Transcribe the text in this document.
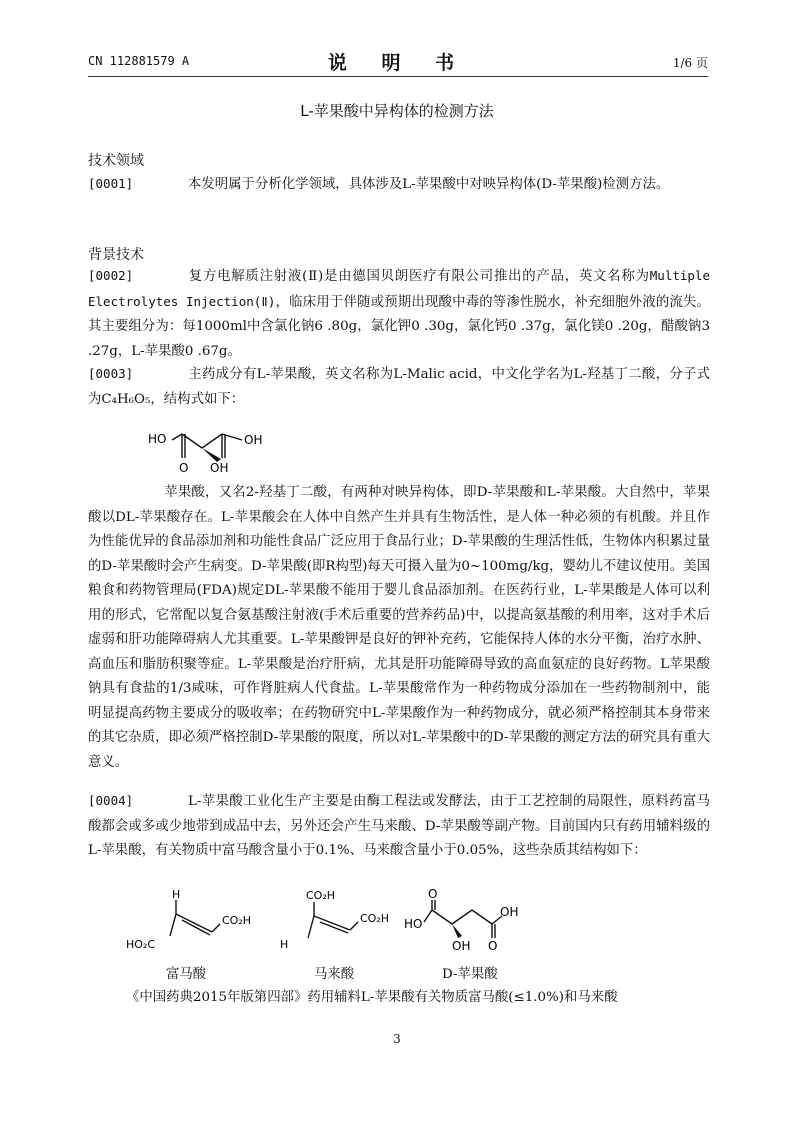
CN 112881579 A	说 明 书	1/6 页
L-苹果酸中异构体的检测方法
技术领域
[0001]	本发明属于分析化学领域，具体涉及L-苹果酸中对映异构体(D-苹果酸)检测方法。
背景技术
[0002]	复方电解质注射液(Ⅱ)是由德国贝朗医疗有限公司推出的产品，英文名称为Multiple Electrolytes Injection(Ⅱ)，临床用于伴随或预期出现酸中毒的等渗性脱水，补充细胞外液的流失。其主要组分为：每1000ml中含氯化钠6 .80g，氯化钾0 .30g，氯化钙0 .37g，氯化镁0 .20g，醋酸钠3 .27g，L-苹果酸0 .67g。
[0003]	主药成分有L-苹果酸，英文名称为L-Malic acid，中文化学名为L-羟基丁二酸，分子式为C₄H₆O₅，结构式如下：
HO
O
OH
OH
苹果酸，又名2-羟基丁二酸，有两种对映异构体，即D-苹果酸和L-苹果酸。大自然中，苹果酸以DL-苹果酸存在。L-苹果酸会在人体中自然产生并具有生物活性，是人体一种必须的有机酸。并且作为性能优异的食品添加剂和功能性食品广泛应用于食品行业；D-苹果酸的生理活性低，生物体内积累过量的D-苹果酸时会产生病变。D-苹果酸(即R构型)每天可摄入量为0~100mg/kg，婴幼儿不建议使用。美国粮食和药物管理局(FDA)规定DL-苹果酸不能用于婴儿食品添加剂。在医药行业，L-苹果酸是人体可以利用的形式，它常配以复合氨基酸注射液(手术后重要的营养药品)中，以提高氨基酸的利用率，这对手术后虚弱和肝功能障碍病人尤其重要。L-苹果酸钾是良好的钾补充药，它能保持人体的水分平衡，治疗水肿、高血压和脂肪积聚等症。L-苹果酸是治疗肝病，尤其是肝功能障碍导致的高血氨症的良好药物。L苹果酸钠具有食盐的1/3咸味，可作肾脏病人代食盐。L-苹果酸常作为一种药物成分添加在一些药物制剂中，能明显提高药物主要成分的吸收率；在药物研究中L-苹果酸作为一种药物成分，就必须严格控制其本身带来的其它杂质，即必须严格控制D-苹果酸的限度，所以对L-苹果酸中的D-苹果酸的测定方法的研究具有重大意义。
[0004]	L-苹果酸工业化生产主要是由酶工程法或发酵法，由于工艺控制的局限性，原料药富马酸都会或多或少地带到成品中去，另外还会产生马来酸、D-苹果酸等副产物。目前国内只有药用辅料级的L-苹果酸，有关物质中富马酸含量小于0.1%、马来酸含量小于0.05%，这些杂质其结构如下：
H
CO₂H
HO₂C
CO₂H
CO₂H
H
O
HO
OH
OH O
富马酸	马来酸	D-苹果酸
《中国药典2015年版第四部》药用辅料L-苹果酸有关物质富马酸(≤1.0%)和马来酸
3
